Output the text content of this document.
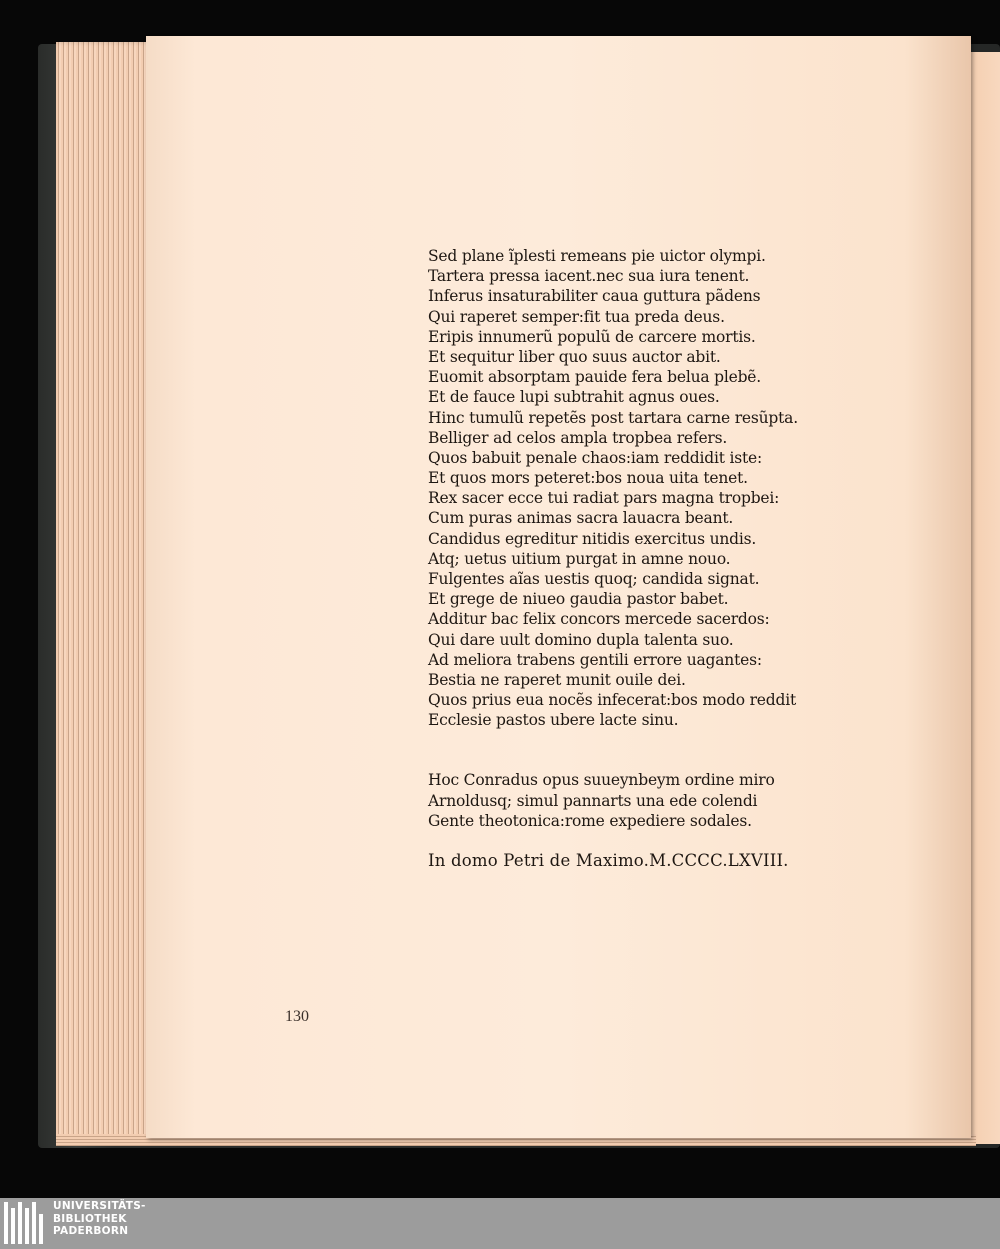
Sed plane ĩplesti remeans pie uictor olympi.
Tartera pressa iacent.nec sua iura tenent.
Inferus insaturabiliter caua guttura pãdens
Qui raperet semper:fit tua preda deus.
Eripis innumerũ populũ de carcere mortis.
Et sequitur liber quo suus auctor abit.
Euomit absorptam pauide fera belua plebẽ.
Et de fauce lupi subtrahit agnus oues.
Hinc tumulũ repetẽs post tartara carne resũpta.
Belliger ad celos ampla tropbea refers.
Quos babuit penale chaos:iam reddidit iste:
Et quos mors peteret:bos noua uita tenet.
Rex sacer ecce tui radiat pars magna tropbei:
Cum puras animas sacra lauacra beant.
Candidus egreditur nitidis exercitus undis.
Atq; uetus uitium purgat in amne nouo.
Fulgentes aĩas uestis quoq; candida signat.
Et grege de niueo gaudia pastor babet.
Additur bac felix concors mercede sacerdos:
Qui dare uult domino dupla talenta suo.
Ad meliora trabens gentili errore uagantes:
Bestia ne raperet munit ouile dei.
Quos prius eua nocẽs infecerat:bos modo reddit
Ecclesie pastos ubere lacte sinu.
Hoc Conradus opus suueynbeym ordine miro
Arnoldusq; simul pannarts una ede colendi
Gente theotonica:rome expediere sodales.
In domo Petri de Maximo.M.CCCC.LXVIII.
130
UNIVERSITÄTS-
BIBLIOTHEK
PADERBORN
